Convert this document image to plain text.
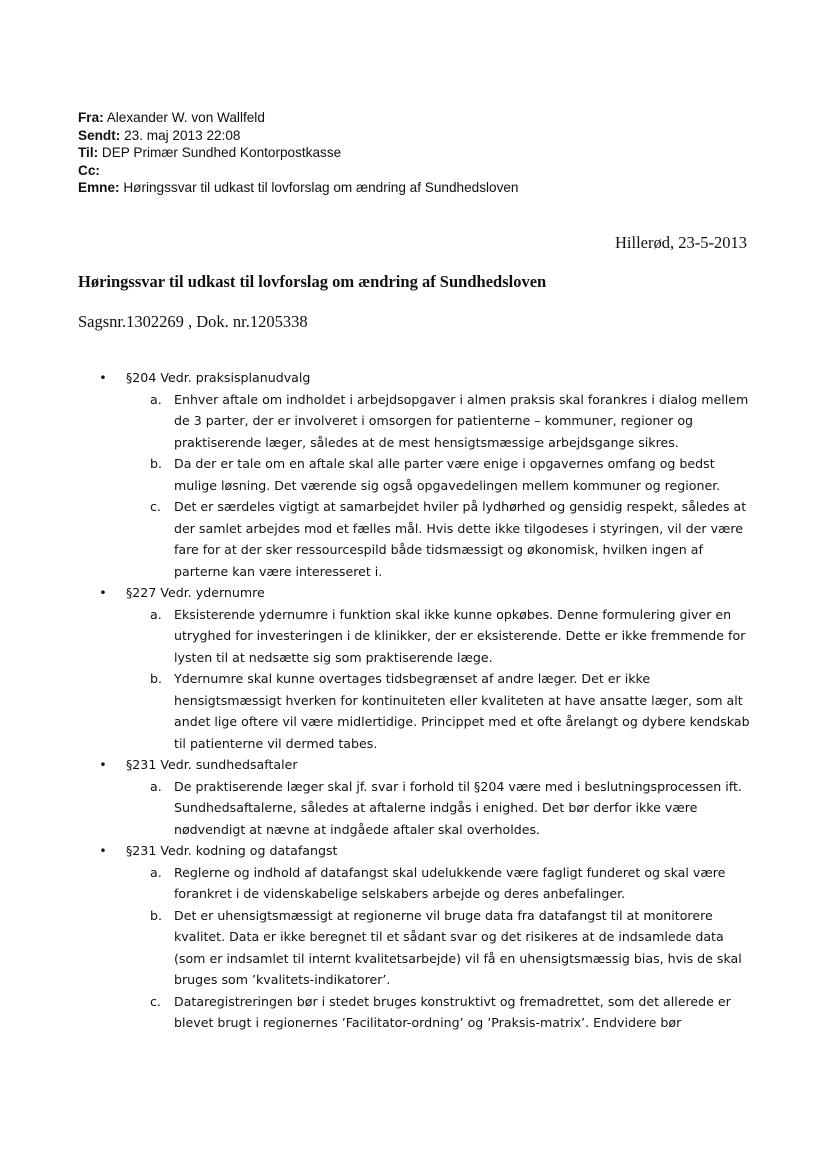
Fra: Alexander W. von Wallfeld
Sendt: 23. maj 2013 22:08
Til: DEP Primær Sundhed Kontorpostkasse
Cc:
Emne: Høringssvar til udkast til lovforslag om ændring af Sundhedsloven
Hillerød, 23-5-2013
Høringssvar til udkast til lovforslag om ændring af Sundhedsloven
Sagsnr.1302269 , Dok. nr.1205338
• §204 Vedr. praksisplanudvalg
a. Enhver aftale om indholdet i arbejdsopgaver i almen praksis skal forankres i dialog mellem de 3 parter, der er involveret i omsorgen for patienterne – kommuner, regioner og praktiserende læger, således at de mest hensigtsmæssige arbejdsgange sikres.
b. Da der er tale om en aftale skal alle parter være enige i opgavernes omfang og bedst mulige løsning. Det værende sig også opgavedelingen mellem kommuner og regioner.
c. Det er særdeles vigtigt at samarbejdet hviler på lydhørhed og gensidig respekt, således at der samlet arbejdes mod et fælles mål. Hvis dette ikke tilgodeses i styringen, vil der være fare for at der sker ressourcespild både tidsmæssigt og økonomisk, hvilken ingen af parterne kan være interesseret i.
• §227 Vedr. ydernumre
a. Eksisterende ydernumre i funktion skal ikke kunne opkøbes. Denne formulering giver en utryghed for investeringen i de klinikker, der er eksisterende. Dette er ikke fremmende for lysten til at nedsætte sig som praktiserende læge.
b. Ydernumre skal kunne overtages tidsbegrænset af andre læger. Det er ikke hensigtsmæssigt hverken for kontinuiteten eller kvaliteten at have ansatte læger, som alt andet lige oftere vil være midlertidige. Princippet med et ofte årelangt og dybere kendskab til patienterne vil dermed tabes.
• §231 Vedr. sundhedsaftaler
a. De praktiserende læger skal jf. svar i forhold til §204 være med i beslutningsprocessen ift. Sundhedsaftalerne, således at aftalerne indgås i enighed. Det bør derfor ikke være nødvendigt at nævne at indgåede aftaler skal overholdes.
• §231 Vedr. kodning og datafangst
a. Reglerne og indhold af datafangst skal udelukkende være fagligt funderet og skal være forankret i de videnskabelige selskabers arbejde og deres anbefalinger.
b. Det er uhensigtsmæssigt at regionerne vil bruge data fra datafangst til at monitorere kvalitet. Data er ikke beregnet til et sådant svar og det risikeres at de indsamlede data (som er indsamlet til internt kvalitetsarbejde) vil få en uhensigtsmæssig bias, hvis de skal bruges som ’kvalitets-indikatorer’.
c. Dataregistreringen bør i stedet bruges konstruktivt og fremadrettet, som det allerede er blevet brugt i regionernes ’Facilitator-ordning’ og ’Praksis-matrix’. Endvidere bør
